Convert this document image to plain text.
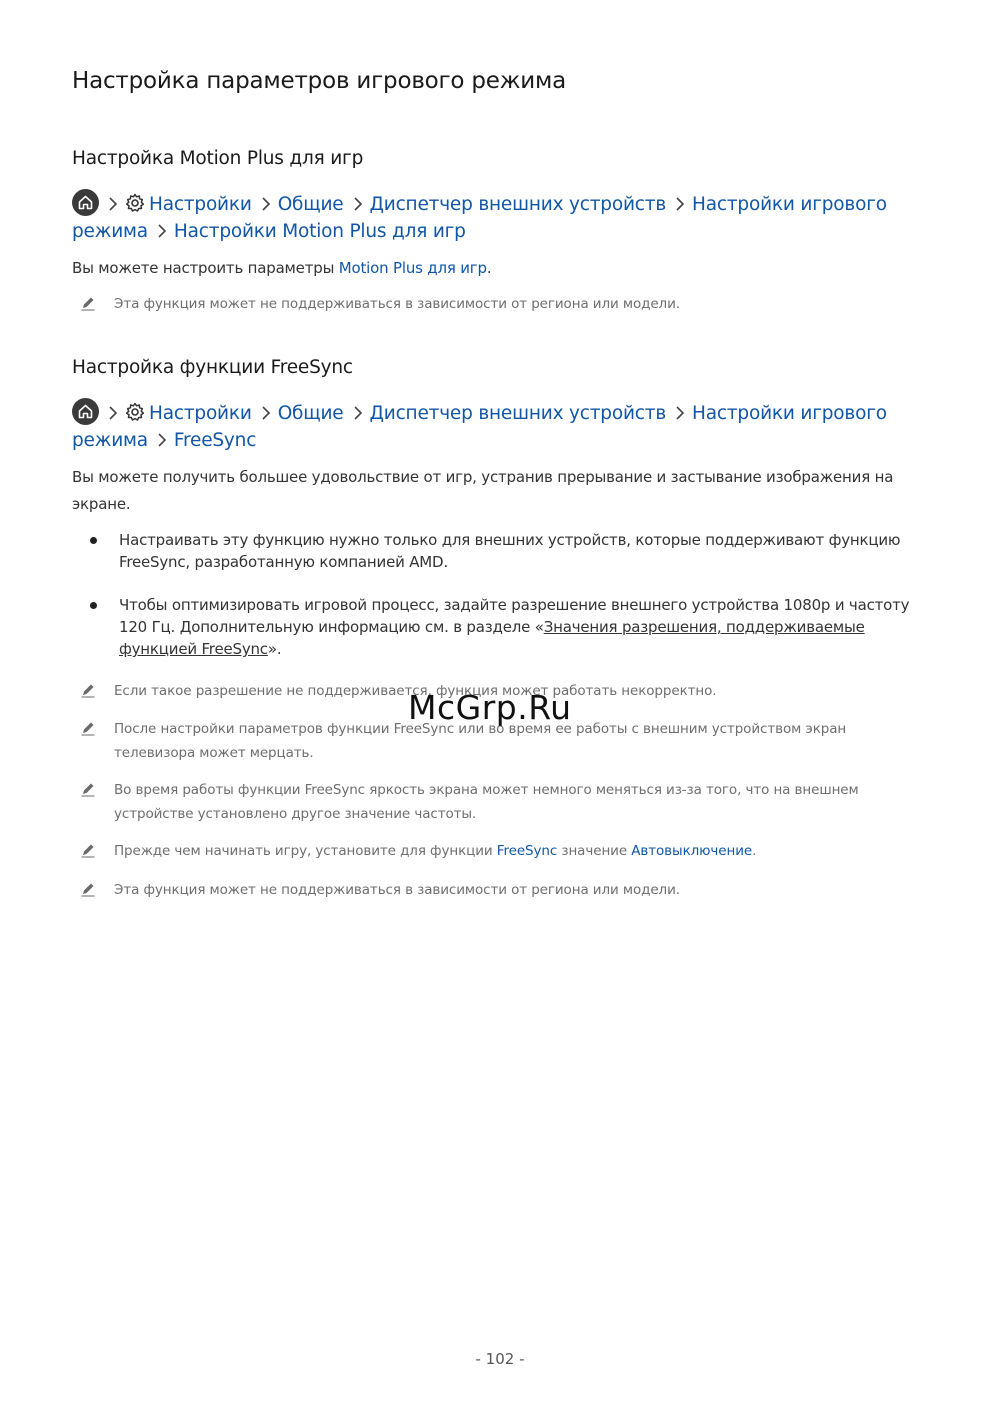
Настройка параметров игрового режима
Настройка Motion Plus для игр
Настройки Общие Диспетчер внешних устройств Настройки игрового режима Настройки Motion Plus для игр
Вы можете настроить параметры Motion Plus для игр.
Эта функция может не поддерживаться в зависимости от региона или модели.
Настройка функции FreeSync
Настройки Общие Диспетчер внешних устройств Настройки игрового режима FreeSync
Вы можете получить большее удовольствие от игр, устранив прерывание и застывание изображения на экране.
Настраивать эту функцию нужно только для внешних устройств, которые поддерживают функцию FreeSync, разработанную компанией AMD.
Чтобы оптимизировать игровой процесс, задайте разрешение внешнего устройства 1080p и частоту 120 Гц. Дополнительную информацию см. в разделе «Значения разрешения, поддерживаемые функцией FreeSync».
Если такое разрешение не поддерживается, функция может работать некорректно.
После настройки параметров функции FreeSync или во время ее работы с внешним устройством экран телевизора может мерцать.
Во время работы функции FreeSync яркость экрана может немного меняться из-за того, что на внешнем устройстве установлено другое значение частоты.
Прежде чем начинать игру, установите для функции FreeSync значение Автовыключение.
Эта функция может не поддерживаться в зависимости от региона или модели.
McGrp.Ru
- 102 -
